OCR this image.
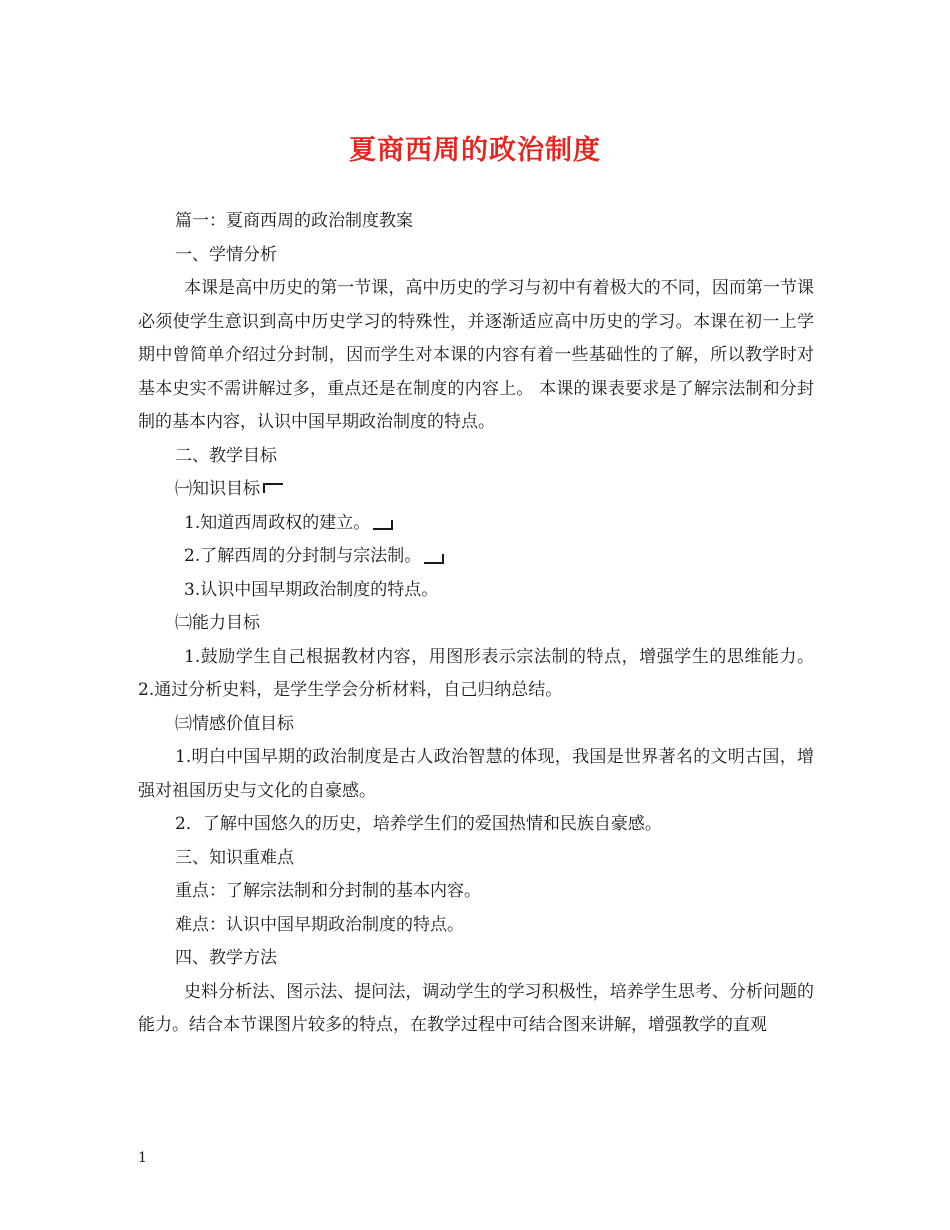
夏商西周的政治制度

篇一：夏商西周的政治制度教案

一、学情分析

本课是高中历史的第一节课，高中历史的学习与初中有着极大的不同，因而第一节课必须使学生意识到高中历史学习的特殊性，并逐渐适应高中历史的学习。本课在初一上学期中曾简单介绍过分封制，因而学生对本课的内容有着一些基础性的了解，所以教学时对基本史实不需讲解过多，重点还是在制度的内容上。 本课的课表要求是了解宗法制和分封制的基本内容，认识中国早期政治制度的特点。

二、教学目标

㈠知识目标

1.知道西周政权的建立。

2.了解西周的分封制与宗法制。

3.认识中国早期政治制度的特点。

㈡能力目标

1.鼓励学生自己根据教材内容，用图形表示宗法制的特点，增强学生的思维能力。 2.通过分析史料，是学生学会分析材料，自己归纳总结。

㈢情感价值目标

1.明白中国早期的政治制度是古人政治智慧的体现，我国是世界著名的文明古国，增强对祖国历史与文化的自豪感。

2．了解中国悠久的历史，培养学生们的爱国热情和民族自豪感。

三、知识重难点

重点：了解宗法制和分封制的基本内容。

难点：认识中国早期政治制度的特点。

四、教学方法

史料分析法、图示法、提问法，调动学生的学习积极性，培养学生思考、分析问题的能力。结合本节课图片较多的特点，在教学过程中可结合图来讲解，增强教学的直观

1
